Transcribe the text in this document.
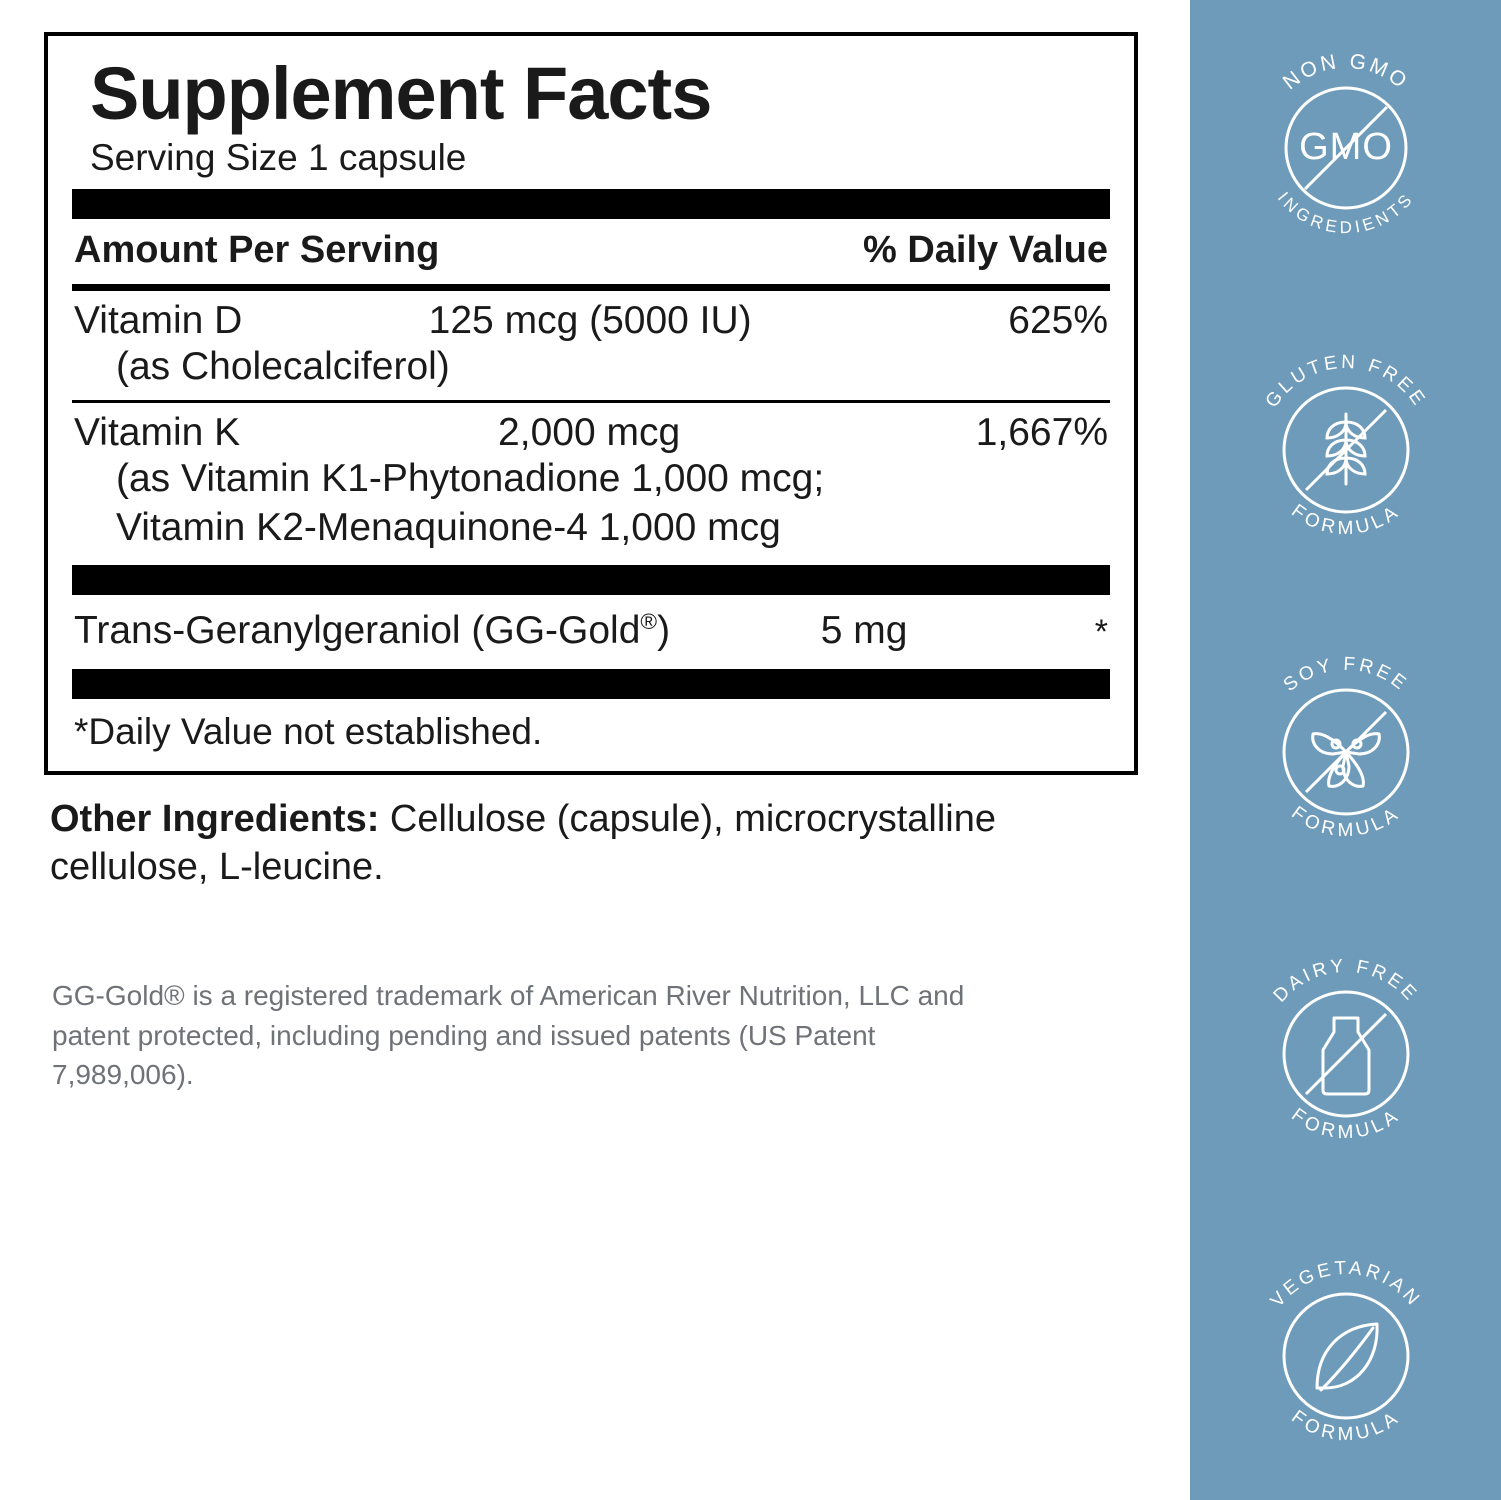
Supplement Facts
Serving Size 1 capsule
Amount Per Serving	% Daily Value
Vitamin D	125 mcg (5000 IU)	625%
(as Cholecalciferol)
Vitamin K	2,000 mcg	1,667%
(as Vitamin K1-Phytonadione 1,000 mcg;
Vitamin K2-Menaquinone-4 1,000 mcg
Trans-Geranylgeraniol (GG-Gold®)	5 mg	*
*Daily Value not established.
Other Ingredients: Cellulose (capsule), microcrystalline cellulose, L-leucine.
GG-Gold® is a registered trademark of American River Nutrition, LLC and patent protected, including pending and issued patents (US Patent 7,989,006).
NON GMO
INGREDIENTS
GMO
GLUTEN FREE
FORMULA
SOY FREE
FORMULA
DAIRY FREE
FORMULA
VEGETARIAN
FORMULA
